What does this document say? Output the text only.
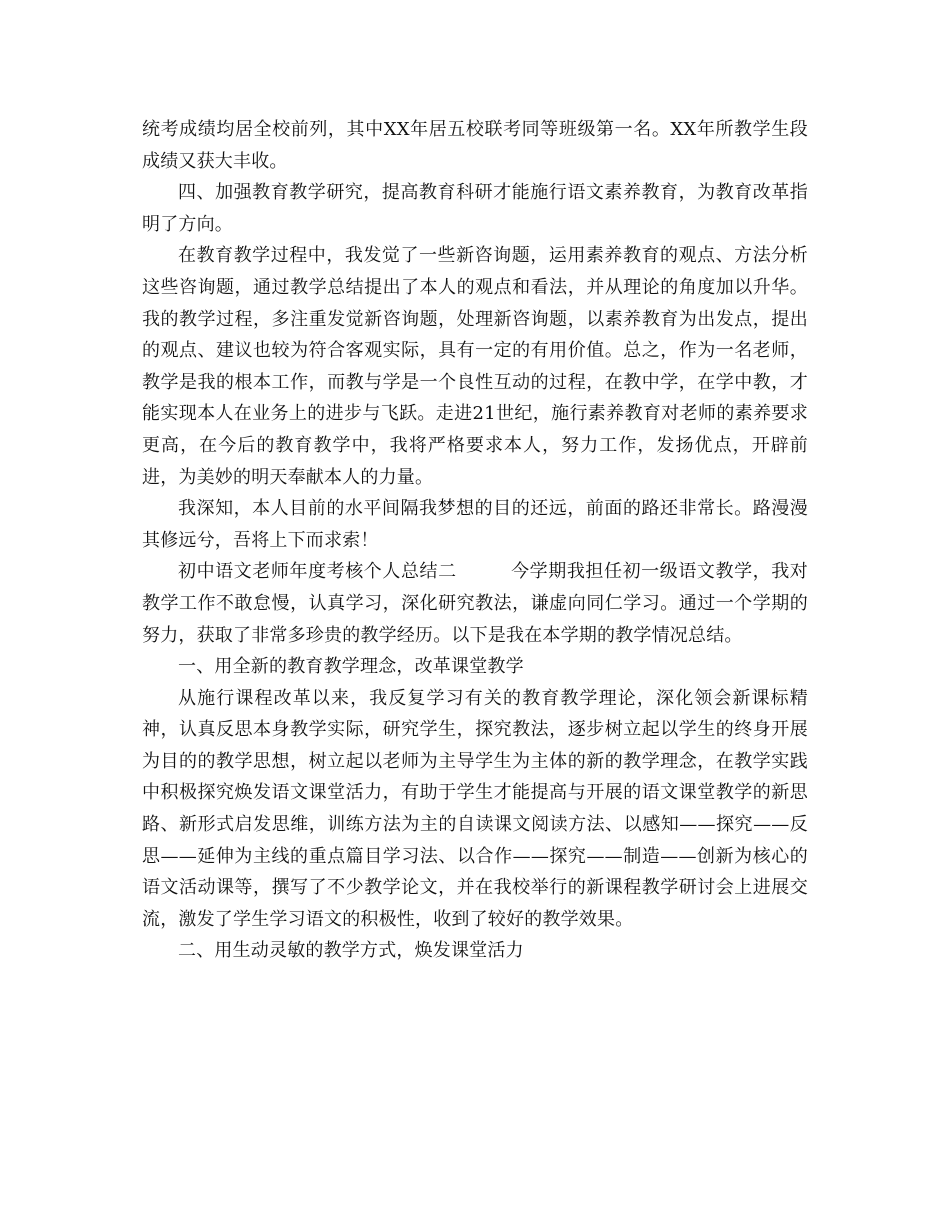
统考成绩均居全校前列，其中XX年居五校联考同等班级第一名。XX年所教学生段成绩又获大丰收。

四、加强教育教学研究，提高教育科研才能施行语文素养教育，为教育改革指明了方向。

在教育教学过程中，我发觉了一些新咨询题，运用素养教育的观点、方法分析这些咨询题，通过教学总结提出了本人的观点和看法，并从理论的角度加以升华。我的教学过程，多注重发觉新咨询题，处理新咨询题，以素养教育为出发点，提出的观点、建议也较为符合客观实际，具有一定的有用价值。总之，作为一名老师，教学是我的根本工作，而教与学是一个良性互动的过程，在教中学，在学中教，才能实现本人在业务上的进步与飞跃。走进21世纪，施行素养教育对老师的素养要求更高，在今后的教育教学中，我将严格要求本人，努力工作，发扬优点，开辟前进，为美妙的明天奉献本人的力量。

我深知，本人目前的水平间隔我梦想的目的还远，前面的路还非常长。路漫漫其修远兮，吾将上下而求索！

初中语文老师年度考核个人总结二	今学期我担任初一级语文教学，我对教学工作不敢怠慢，认真学习，深化研究教法，谦虚向同仁学习。通过一个学期的努力，获取了非常多珍贵的教学经历。以下是我在本学期的教学情况总结。

一、用全新的教育教学理念，改革课堂教学

从施行课程改革以来，我反复学习有关的教育教学理论，深化领会新课标精神，认真反思本身教学实际，研究学生，探究教法，逐步树立起以学生的终身开展为目的的教学思想，树立起以老师为主导学生为主体的新的教学理念，在教学实践中积极探究焕发语文课堂活力，有助于学生才能提高与开展的语文课堂教学的新思路、新形式启发思维，训练方法为主的自读课文阅读方法、以感知——探究——反思——延伸为主线的重点篇目学习法、以合作——探究——制造——创新为核心的语文活动课等，撰写了不少教学论文，并在我校举行的新课程教学研讨会上进展交流，激发了学生学习语文的积极性，收到了较好的教学效果。

二、用生动灵敏的教学方式，焕发课堂活力
